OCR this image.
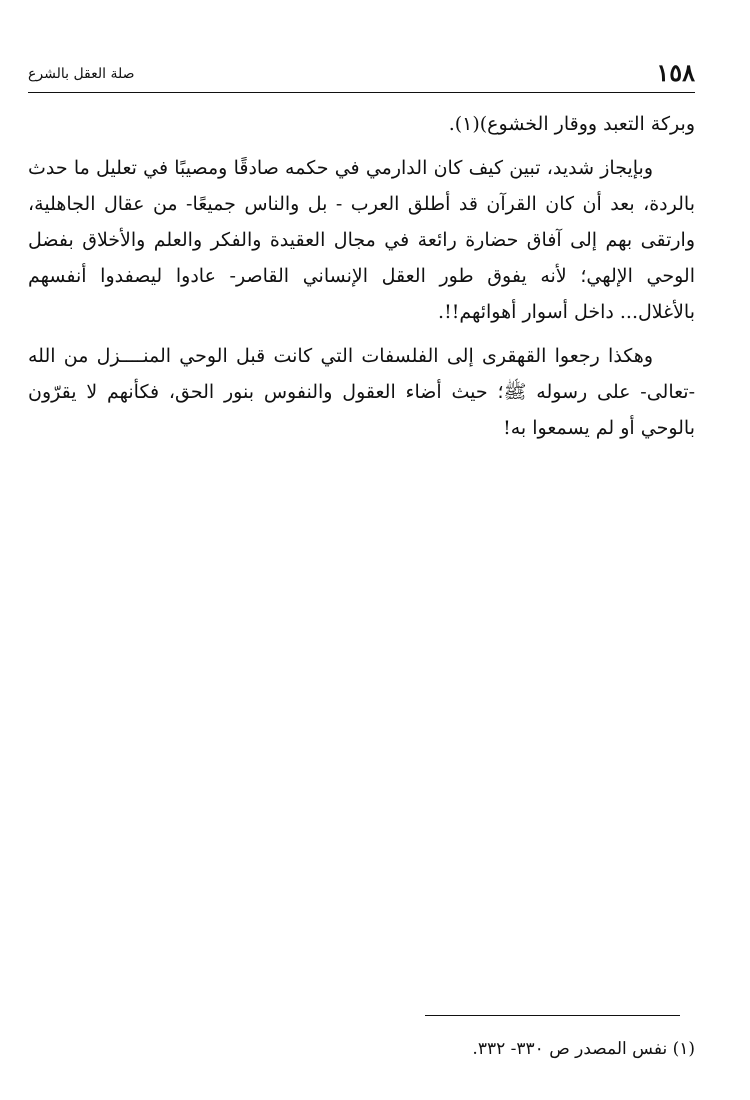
١٥٨
صلة العقل بالشرع

وبركة التعبد ووقار الخشوع)(١).

وبإيجاز شديد، تبين كيف كان الدارمي في حكمه صادقًا ومصيبًا في تعليل ما حدث بالردة، بعد أن كان القرآن قد أطلق العرب - بل والناس جميعًا- من عقال الجاهلية، وارتقى بهم إلى آفاق حضارة رائعة في مجال العقيدة والفكر والعلم والأخلاق بفضل الوحي الإلهي؛ لأنه يفوق طور العقل الإنساني القاصر- عادوا ليصفدوا أنفسهم بالأغلال... داخل أسوار أهوائهم!!.

وهكذا رجعوا القهقرى إلى الفلسفات التي كانت قبل الوحي المنــــزل من الله -تعالى- على رسوله ﷺ؛ حيث أضاء العقول والنفوس بنور الحق، فكأنهم لا يقرّون بالوحي أو لم يسمعوا به!

(١) نفس المصدر ص ٣٣٠- ٣٣٢.
